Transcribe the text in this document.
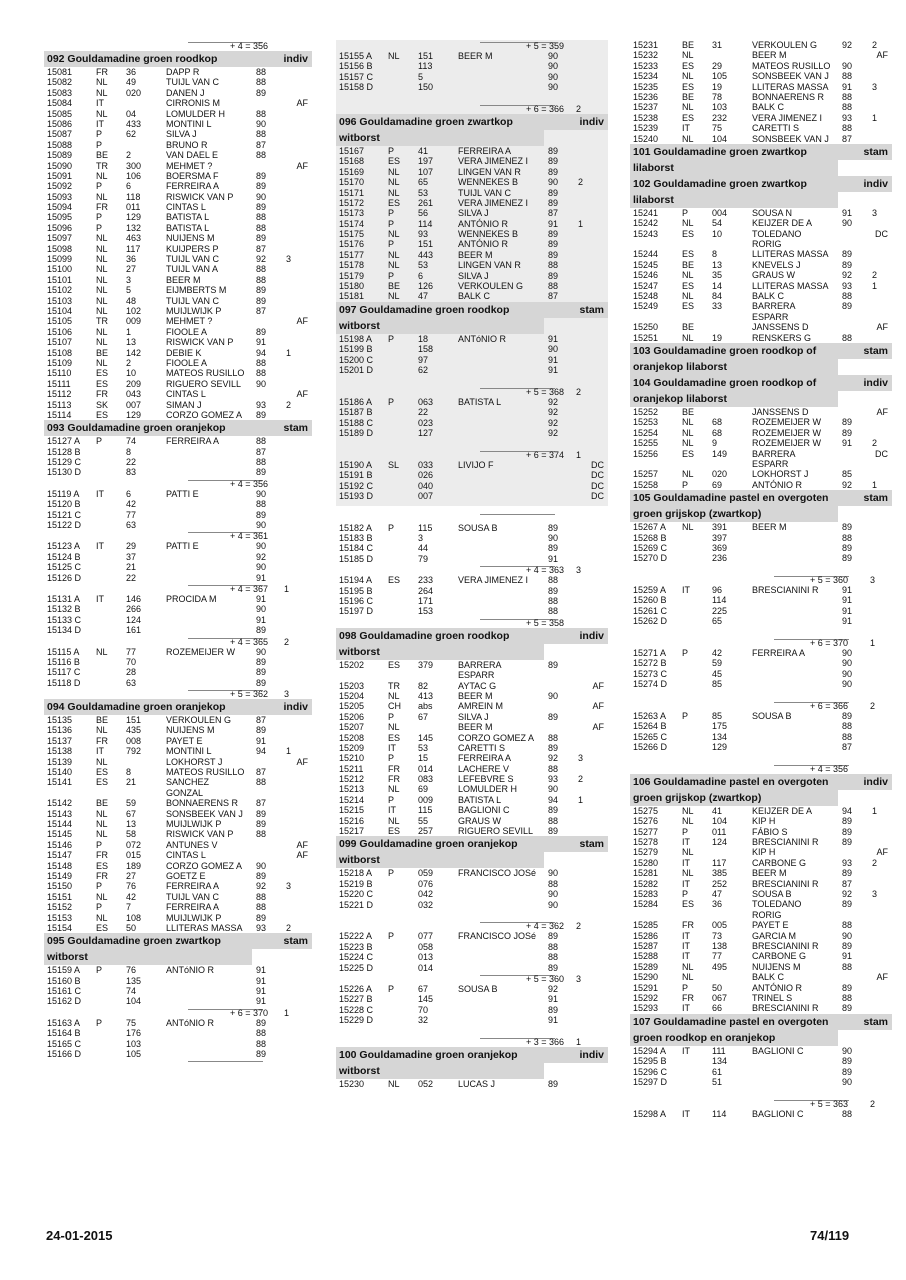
+ 4 = 356
092 Gouldamadine groen roodkop	indiv
15081	FR 36	DAPP R	88
15082	NL 49	TUIJL VAN C	88
15083	NL 020	DANEN J	89
15084	IT	CIRRONIS M	AF
15085	NL 04	LOMULDER H	88
15086	IT 433	MONTINI L	90
15087	P	62	SILVA J	88
15088	P	BRUNO R	87
15089	BE 2	VAN DAEL E	88
15090	TR 300	MEHMET ?	AF
15091	NL 106	BOERSMA F	89
15092	P	6	FERREIRA A	89
15093	NL 118	RISWICK VAN P	90
15094	FR 011	CINTAS L	89
15095	P	129	BATISTA L	88
15096	P	132	BATISTA L	88
15097	NL 463	NUIJENS M	89
15098	NL 117	KUIJPERS P	87
15099	NL 36	TUIJL VAN C	92 3
15100	NL 27	TUIJL VAN A	88
15101	NL 3	BEER M	88
15102	NL 5	EIJMBERTS M	89
15103	NL 48	TUIJL VAN C	89
15104	NL 102	MUIJLWIJK P	87
15105	TR 009	MEHMET ?	AF
15106	NL 1	FIOOLE A	89
15107	NL 13	RISWICK VAN P	91
15108	BE 142	DEBIE K	94 1
15109	NL 2	FIOOLE A	88
15110	ES 10	MATEOS RUSILLO 88
15111	ES 209	RIGUERO SEVILL 90
15112	FR 043	CINTAS L	AF
15113	SK 007	SIMAN J	93 2
15114	ES 129	CORZO GOMEZ A 89
093 Gouldamadine groen oranjekop	stam
15127 A P	74	FERREIRA A	88
15128 B	8	87
15129 C	22	88
15130 D	83	89
+ 4 = 356
15119 A IT 6	PATTI E	90
15120 B	42	88
15121 C	77	89
15122 D	63	90
+ 4 = 361
15123 A IT 29	PATTI E	90
15124 B	37	92
15125 C	21	90
15126 D	22	91
+ 4 = 367 1
15131 A IT 146	PROCIDA M	91
15132 B	266	90
15133 C	124	91
15134 D	161	89
+ 4 = 365 2
15115 A NL 77	ROZEMEIJER W 90
15116 B	70	89
15117 C	28	89
15118 D	63	89
+ 5 = 362 3
094 Gouldamadine groen oranjekop	indiv
15135	BE 151	VERKOULEN G	87
15136	NL 435	NUIJENS M	89
15137	FR 008	PAYET E	91
15138	IT 792	MONTINI L	94 1
15139	NL	LOKHORST J	AF
15140	ES 8	MATEOS RUSILLO 87
15141	ES 21	SANCHEZ	88
GONZAL
15142	BE 59	BONNAERENS R 87
15143	NL 67	SONSBEEK VAN J 89
15144	NL 13	MUIJLWIJK P	89
15145	NL 58	RISWICK VAN P	88
15146	P	072	ANTUNES V	AF
15147	FR 015	CINTAS L	AF
15148	ES 189	CORZO GOMEZ A 90
15149	FR 27	GOETZ E	89
15150	P	76	FERREIRA A	92 3
15151	NL 42	TUIJL VAN C	88
15152	P	7	FERREIRA A	88
15153	NL 108	MUIJLWIJK P	89
15154	ES 50	LLITERAS MASSA 93 2
095 Gouldamadine groen zwartkop	stam
witborst
15159 A P	76	ANTóNIO R	91
15160 B	135	91
15161 C	74	91
15162 D	104	91
+ 6 = 370 1
15163 A P	75	ANTóNIO R	89
15164 B	176	88
15165 C	103	88
15166 D	105	89
+ 5 = 359
15155 A NL 151	BEER M	90
15156 B	113	90
15157 C	5	90
15158 D	150	90
+ 6 = 366 2
096 Gouldamadine groen zwartkop	indiv
witborst
15167	P	41	FERREIRA A	89
15168	ES 197	VERA JIMENEZ I 89
15169	NL 107	LINGEN VAN R	89
15170	NL 65	WENNEKES B	90 2
15171	NL 53	TUIJL VAN C	89
15172	ES 261	VERA JIMENEZ I 89
15173	P	56	SILVA J	87
15174	P	114	ANTÓNIO R	91 1
15175	NL 93	WENNEKES B	89
15176	P	151	ANTÓNIO R	89
15177	NL 443	BEER M	89
15178	NL 53	LINGEN VAN R	88
15179	P	6	SILVA J	89
15180	BE 126	VERKOULEN G	88
15181	NL 47	BALK C	87
097 Gouldamadine groen roodkop	stam
witborst
15198 A P	18	ANTóNIO R	91
15199 B	158	90
15200 C	97	91
15201 D	62	91
+ 5 = 368 2
15186 A P	063	BATISTA L	92
15187 B	22	92
15188 C	023	92
15189 D	127	92
+ 6 = 374 1
15190 A SL 033	LIVIJO F	DC
15191 B	026	DC
15192 C	040	DC
15193 D	007	DC
15182 A P	115	SOUSA B	89
15183 B	3	90
15184 C	44	89
15185 D	79	91
+ 4 = 363 3
15194 A ES 233	VERA JIMENEZ I 88
15195 B	264	89
15196 C	171	88
15197 D	153	88
+ 5 = 358
098 Gouldamadine groen roodkop	indiv
witborst
15202	ES 379	BARRERA	89
ESPARR
15203	TR 82	AYTAC G	AF
15204	NL 413	BEER M	90
15205	CH abs	AMREIN M	AF
15206	P	67	SILVA J	89
15207	NL	BEER M	AF
15208	ES 145	CORZO GOMEZ A 88
15209	IT 53	CARETTI S	89
15210	P	15	FERREIRA A	92 3
15211	FR 014	LACHERE V	88
15212	FR 083	LEFEBVRE S	93 2
15213	NL 69	LOMULDER H	90
15214	P	009	BATISTA L	94 1
15215	IT 115	BAGLIONI C	89
15216	NL 55	GRAUS W	88
15217	ES 257	RIGUERO SEVILL 89
099 Gouldamadine groen oranjekop	stam
witborst
15218 A P	059	FRANCISCO JOSé 90
15219 B	076	88
15220 C	042	90
15221 D	032	90
+ 4 = 362 2
15222 A P	077	FRANCISCO JOSé 89
15223 B	058	88
15224 C	013	88
15225 D	014	89
+ 5 = 360 3
15226 A P	67	SOUSA B	92
15227 B	145	91
15228 C	70	89
15229 D	32	91
+ 3 = 366 1
100 Gouldamadine groen oranjekop	indiv
witborst
15230	NL 052	LUCAS J	89
15231	BE 31	VERKOULEN G	92 2
15232	NL	BEER M	AF
15233	ES 29	MATEOS RUSILLO 90
15234	NL 105	SONSBEEK VAN J 88
15235	ES 19	LLITERAS MASSA 91 3
15236	BE 78	BONNAERENS R 88
15237	NL 103	BALK C	88
15238	ES 232	VERA JIMENEZ I 93 1
15239	IT 75	CARETTI S	88
15240	NL 104	SONSBEEK VAN J 87
101 Gouldamadine groen zwartkop	stam
lilaborst
102 Gouldamadine groen zwartkop	indiv
lilaborst
15241	P	004	SOUSA N	91 3
15242	NL 54	KEIJZER DE A	90
15243	ES 10	TOLEDANO	DC
RORIG
15244	ES 8	LLITERAS MASSA 89
15245	BE 13	KNEVELS J	89
15246	NL 35	GRAUS W	92 2
15247	ES 14	LLITERAS MASSA 93 1
15248	NL 84	BALK C	88
15249	ES 33	BARRERA	89
ESPARR
15250	BE	JANSSENS D	AF
15251	NL 19	RENSKERS G	88
103 Gouldamadine groen roodkop of	stam
oranjekop lilaborst
104 Gouldamadine groen roodkop of	indiv
oranjekop lilaborst
15252	BE	JANSSENS D	AF
15253	NL 68	ROZEMEIJER W 89
15254	NL 68	ROZEMEIJER W 89
15255	NL 9	ROZEMEIJER W 91 2
15256	ES 149	BARRERA	DC
ESPARR
15257	NL 020	LOKHORST J	85
15258	P	69	ANTÓNIO R	92 1
105 Gouldamadine pastel en overgoten	stam
groen grijskop (zwartkop)
15267 A NL 391	BEER M	89
15268 B	397	88
15269 C	369	89
15270 D	236	89
+ 5 = 360 3
15259 A IT 96	BRESCIANINI R	91
15260 B	114	91
15261 C	225	91
15262 D	65	91
+ 6 = 370 1
15271 A P	42	FERREIRA A	90
15272 B	59	90
15273 C	45	90
15274 D	85	90
+ 6 = 366 2
15263 A P	85	SOUSA B	89
15264 B	175	88
15265 C	134	88
15266 D	129	87
+ 4 = 356
106 Gouldamadine pastel en overgoten	indiv
groen grijskop (zwartkop)
15275	NL 41	KEIJZER DE A	94 1
15276	NL 104	KIP H	89
15277	P	011	FÁBIO S	89
15278	IT 124	BRESCIANINI R	89
15279	NL	KIP H	AF
15280	IT 117	CARBONE G	93 2
15281	NL 385	BEER M	89
15282	IT 252	BRESCIANINI R	87
15283	P	47	SOUSA B	92 3
15284	ES 36	TOLEDANO	89
RORIG
15285	FR 005	PAYET E	88
15286	IT 73	GARCIA M	90
15287	IT 138	BRESCIANINI R	89
15288	IT 77	CARBONE G	91
15289	NL 495	NUIJENS M	88
15290	NL	BALK C	AF
15291	P	50	ANTÓNIO R	89
15292	FR 067	TRINEL S	88
15293	IT 66	BRESCIANINI R	89
107 Gouldamadine pastel en overgoten	stam
groen roodkop en oranjekop
15294 A IT 111	BAGLIONI C	90
15295 B	134	89
15296 C	61	89
15297 D	51	90
+ 5 = 363 2
15298 A IT 114	BAGLIONI C	88
24-01-2015	74/119
